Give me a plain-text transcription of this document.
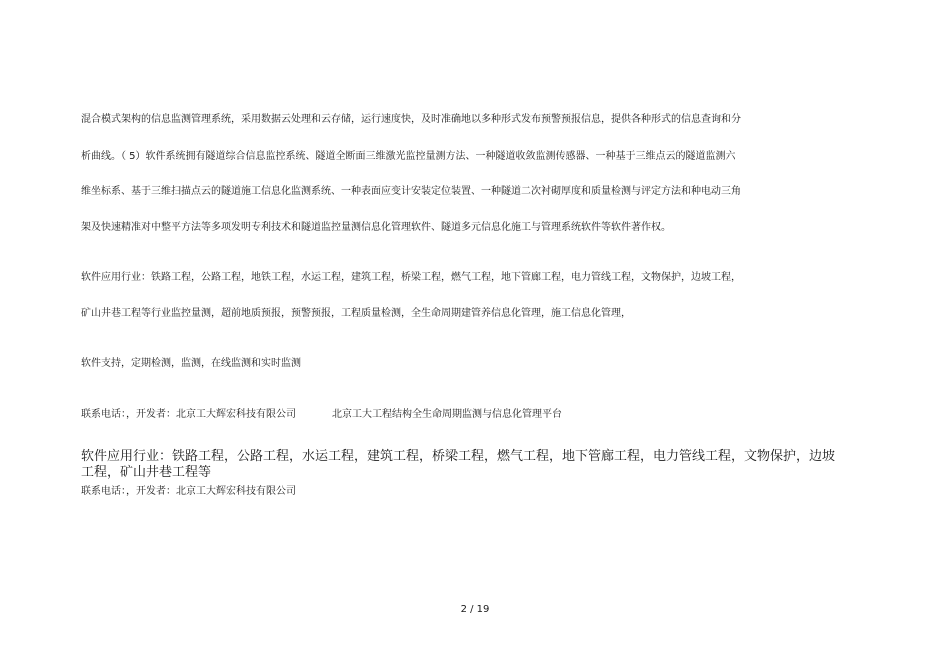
混合模式架构的信息监测管理系统，采用数据云处理和云存储，运行速度快，及时准确地以多种形式发布预警预报信息，提供各种形式的信息查询和分
析曲线。（ 5）软件系统拥有隧道综合信息监控系统、隧道全断面三维激光监控量测方法、一种隧道收敛监测传感器、一种基于三维点云的隧道监测六
维坐标系、基于三维扫描点云的隧道施工信息化监测系统、一种表面应变计安装定位装置、一种隧道二次衬砌厚度和质量检测与评定方法和种电动三角
架及快速精准对中整平方法等多项发明专利技术和隧道监控量测信息化管理软件、隧道多元信息化施工与管理系统软件等软件著作权。
软件应用行业：铁路工程，公路工程，地铁工程，水运工程，建筑工程，桥梁工程，燃气工程，地下管廊工程，电力管线工程，文物保护，边坡工程，
矿山井巷工程等行业监控量测，超前地质预报，预警预报，工程质量检测，全生命周期建管养信息化管理，施工信息化管理，
软件支持，定期检测，监测，在线监测和实时监测
联系电话：，开发者：北京工大辉宏科技有限公司	北京工大工程结构全生命周期监测与信息化管理平台
软件应用行业：铁路工程，公路工程，水运工程，建筑工程，桥梁工程，燃气工程，地下管廊工程，电力管线工程，文物保护，边坡工程，矿山井巷工程等
联系电话：，开发者：北京工大辉宏科技有限公司
2 / 19
